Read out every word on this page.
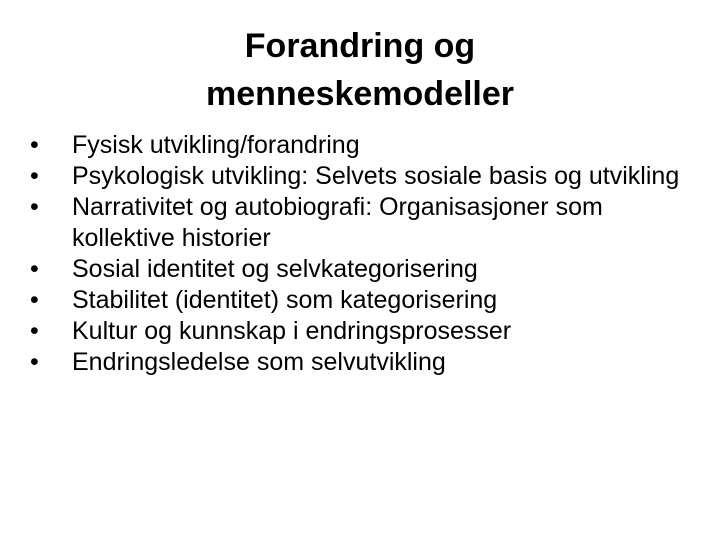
Forandring og
menneskemodeller
•	Fysisk utvikling/forandring
•	Psykologisk utvikling: Selvets sosiale basis og utvikling
•	Narrativitet og autobiografi: Organisasjoner som kollektive historier
•	Sosial identitet og selvkategorisering
•	Stabilitet (identitet) som kategorisering
•	Kultur og kunnskap i endringsprosesser
•	Endringsledelse som selvutvikling
